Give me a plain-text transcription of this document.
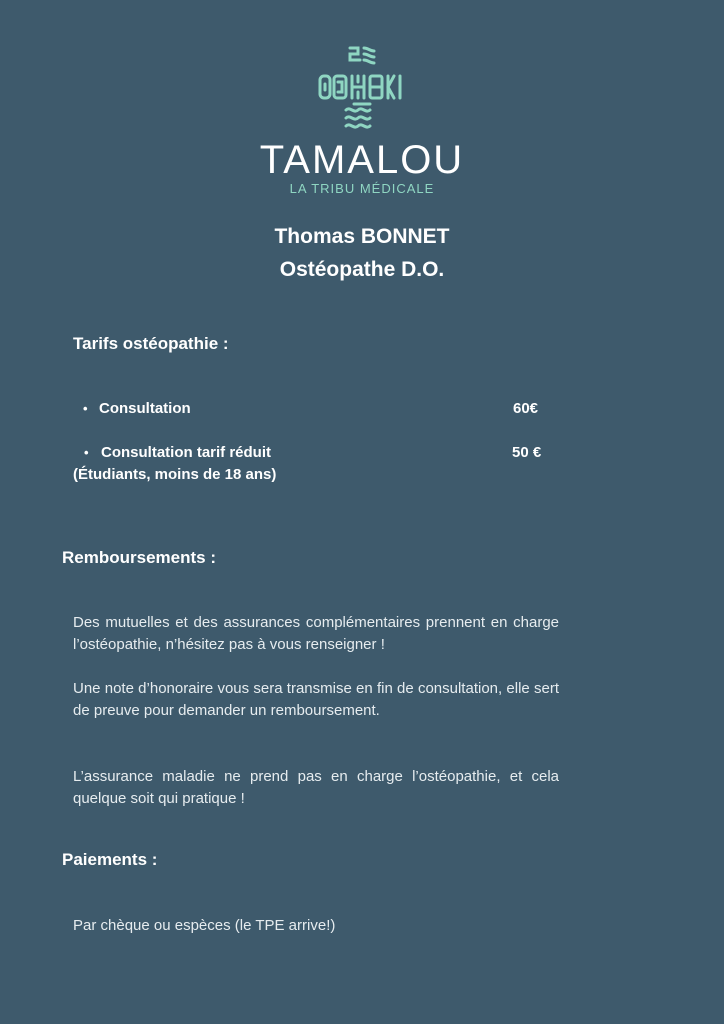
TAMALOU
LA TRIBU MÉDICALE
Thomas BONNET
Ostéopathe D.O.
Tarifs ostéopathie :
• Consultation	60€
• Consultation tarif réduit	50 €
(Étudiants, moins de 18 ans)
Remboursements :

Des mutuelles et des assurances complémentaires prennent en charge l’ostéopathie, n’hésitez pas à vous renseigner !

Une note d’honoraire vous sera transmise en fin de consultation, elle sert de preuve pour demander un remboursement.

L’assurance maladie ne prend pas en charge l’ostéopathie, et cela quelque soit qui pratique !

Paiements :

Par chèque ou espèces (le TPE arrive!)
